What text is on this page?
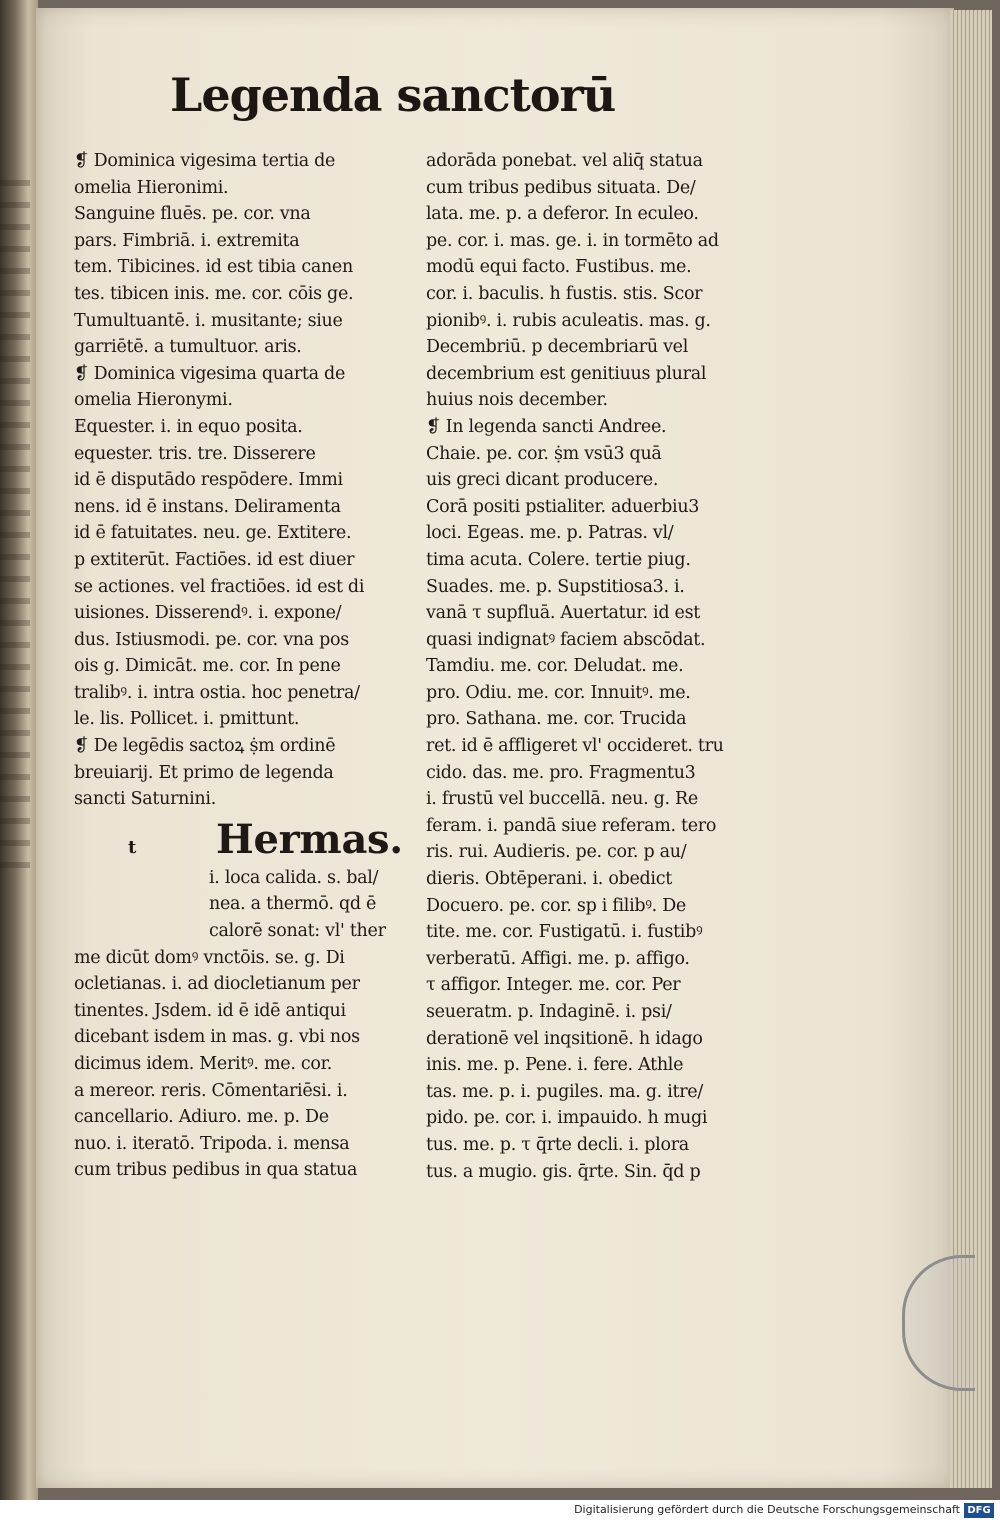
Legenda sanctorū
❡ Dominica vigesima tertia de
omelia Hieronimi.
Sanguine fluēs. pe. cor. vna
pars. Fimbriā. i. extremita
tem. Tibicines. id est tibia canen
tes. tibicen inis. me. cor. cōis ge.
Tumultuantē. i. musitante; siue
garriētē. a tumultuor. aris.
❡ Dominica vigesima quarta de
omelia Hieronymi.
Equester. i. in equo posita.
equester. tris. tre. Disserere
id ē disputādo respōdere. Immi
nens. id ē instans. Deliramenta
id ē fatuitates. neu. ge. Extitere.
p extiterūt. Factiōes. id est diuer
se actiones. vel fractiōes. id est di
uisiones. Disserendꝰ. i. expone/
dus. Istiusmodi. pe. cor. vna pos
ois g. Dimicāt. me. cor. In pene
tralibꝰ. i. intra ostia. hoc penetra/
le. lis. Pollicet. i. pmittunt.
❡ De legēdis sactoꝝ ṩm ordinē
breuiarij. Et primo de legenda
sancti Saturnini.
t Hermas.
i. loca calida. s. bal/
nea. a thermō. qd ē
calorē sonat: vl' ther
me dicūt domꝰ vnctōis. se. g. Di
ocletianas. i. ad diocletianum per
tinentes. Jsdem. id ē idē antiqui
dicebant isdem in mas. g. vbi nos
dicimus idem. Meritꝰ. me. cor.
a mereor. reris. Cōmentariēsi. i.
cancellario. Adiuro. me. p. De
nuo. i. iteratō. Tripoda. i. mensa
cum tribus pedibus in qua statua
adorāda ponebat. vel aliq̄ statua
cum tribus pedibus situata. De/
lata. me. p. a deferor. In eculeo.
pe. cor. i. mas. ge. i. in tormēto ad
modū equi facto. Fustibus. me.
cor. i. baculis. h fustis. stis. Scor
pionibꝰ. i. rubis aculeatis. mas. g.
Decembriū. p decembriarū vel
decembrium est genitiuus plural
huius nois december.
❡ In legenda sancti Andree.
Chaie. pe. cor. ṩm vsū3 quā
uis greci dicant producere.
Corā positi pstialiter. aduerbiu3
loci. Egeas. me. p. Patras. vl/
tima acuta. Colere. tertie piug.
Suades. me. p. Supstitiosa3. i.
vanā τ supfluā. Auertatur. id est
quasi indignatꝰ faciem abscōdat.
Tamdiu. me. cor. Deludat. me.
pro. Odiu. me. cor. Innuitꝰ. me.
pro. Sathana. me. cor. Trucida
ret. id ē affligeret vl' occideret. tru
cido. das. me. pro. Fragmentu3
i. frustū vel buccellā. neu. g. Re
feram. i. pandā siue referam. tero
ris. rui. Audieris. pe. cor. p au/
dieris. Obtēperani. i. obedict
Docuero. pe. cor. sp i filibꝰ. De
tite. me. cor. Fustigatū. i. fustibꝰ
verberatū. Affigi. me. p. affigo.
τ affigor. Integer. me. cor. Per
seueratm. p. Indaginē. i. psi/
derationē vel inqsitionē. h idago
inis. me. p. Pene. i. fere. Athle
tas. me. p. i. pugiles. ma. g. itre/
pido. pe. cor. i. impauido. h mugi
tus. me. p. τ q̄rte decli. i. plora
tus. a mugio. gis. q̄rte. Sin. q̄d p
Digitalisierung gefördert durch die Deutsche Forschungsgemeinschaft DFG
